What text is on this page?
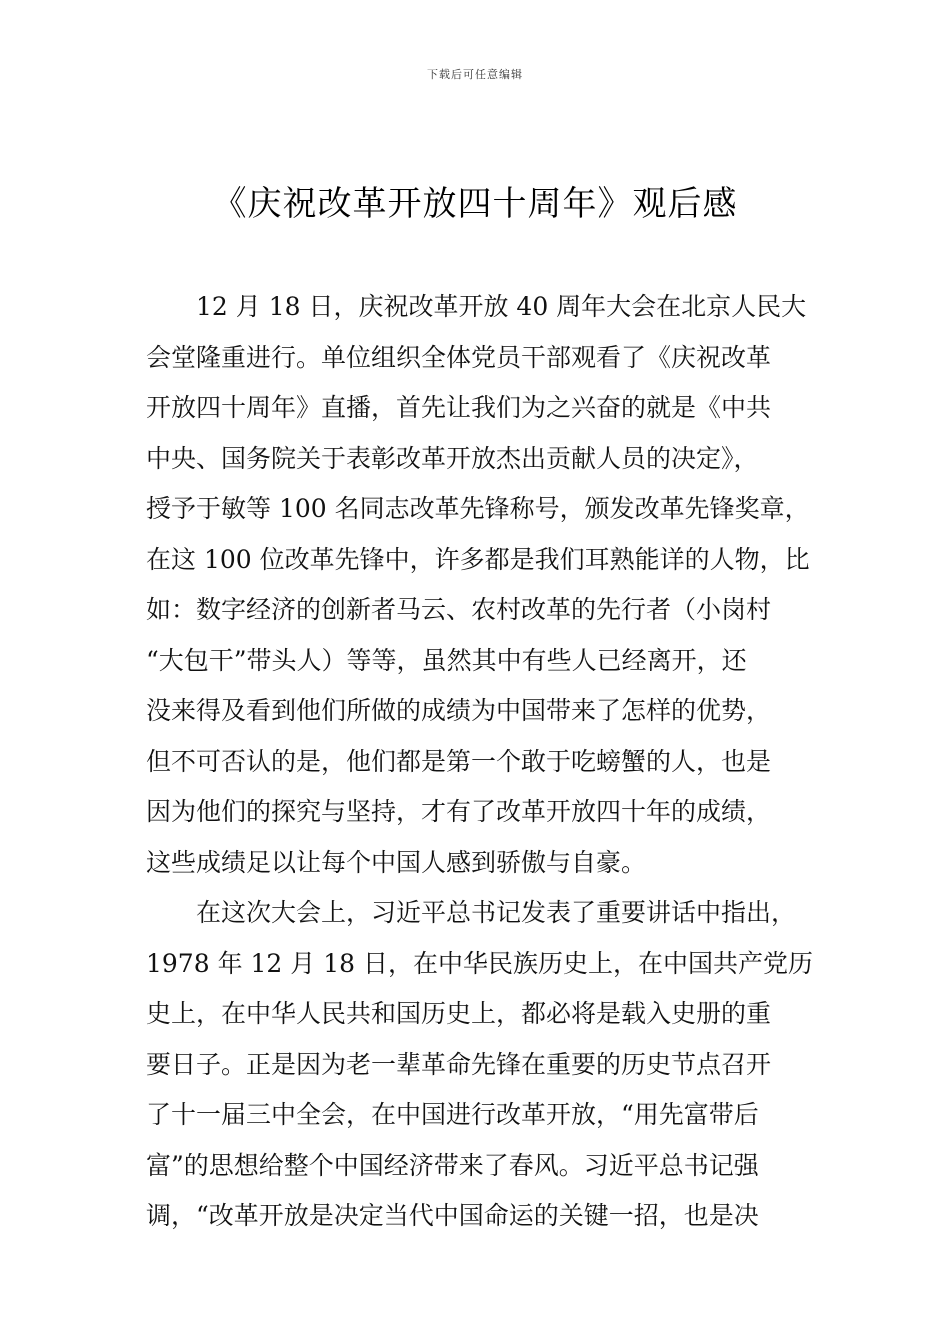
下载后可任意编辑
《庆祝改革开放四十周年》观后感
　　12 月 18 日，庆祝改革开放 40 周年大会在北京人民大
会堂隆重进行。单位组织全体党员干部观看了《庆祝改革
开放四十周年》直播，首先让我们为之兴奋的就是《中共
中央、国务院关于表彰改革开放杰出贡献人员的决定》，
授予于敏等 100 名同志改革先锋称号，颁发改革先锋奖章，
在这 100 位改革先锋中，许多都是我们耳熟能详的人物，比
如：数字经济的创新者马云、农村改革的先行者（小岗村
“大包干”带头人）等等，虽然其中有些人已经离开，还
没来得及看到他们所做的成绩为中国带来了怎样的优势，
但不可否认的是，他们都是第一个敢于吃螃蟹的人，也是
因为他们的探究与坚持，才有了改革开放四十年的成绩，
这些成绩足以让每个中国人感到骄傲与自豪。
　　在这次大会上，习近平总书记发表了重要讲话中指出，
1978 年 12 月 18 日，在中华民族历史上，在中国共产党历
史上，在中华人民共和国历史上，都必将是载入史册的重
要日子。正是因为老一辈革命先锋在重要的历史节点召开
了十一届三中全会，在中国进行改革开放，“用先富带后
富”的思想给整个中国经济带来了春风。习近平总书记强
调，“改革开放是决定当代中国命运的关键一招，也是决
